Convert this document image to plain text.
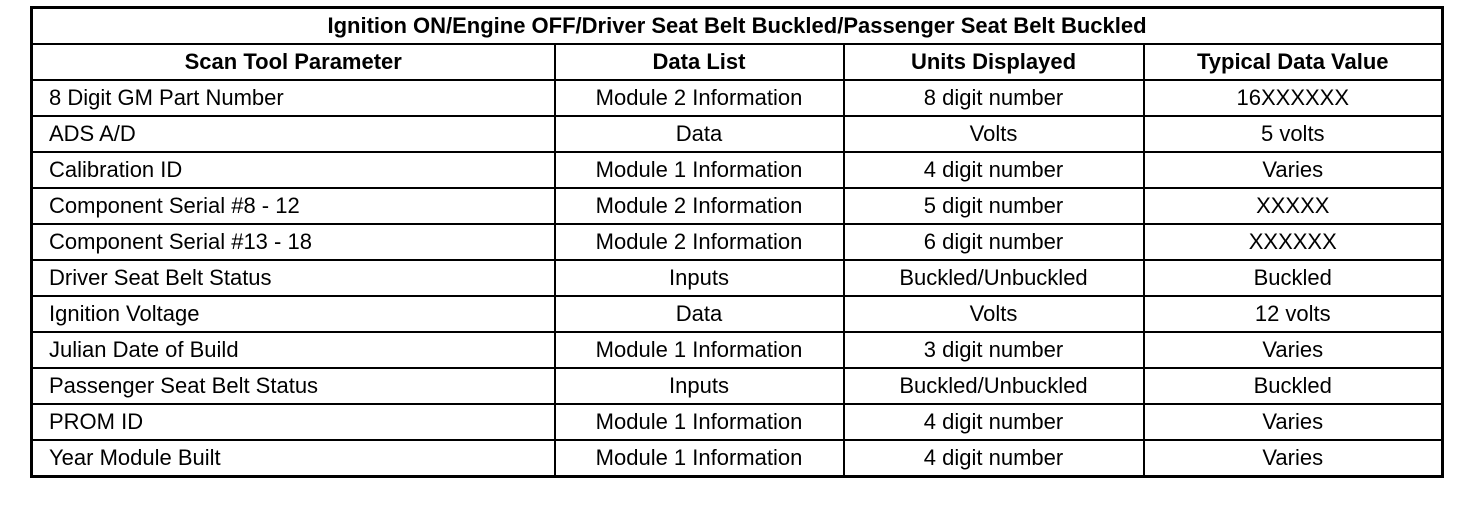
Ignition ON/Engine OFF/Driver Seat Belt Buckled/Passenger Seat Belt Buckled			
Scan Tool Parameter	Data List	Units Displayed	Typical Data Value
8 Digit GM Part Number	Module 2 Information	8 digit number	16XXXXXX
ADS A/D	Data	Volts	5 volts
Calibration ID	Module 1 Information	4 digit number	Varies
Component Serial #8 - 12	Module 2 Information	5 digit number	XXXXX
Component Serial #13 - 18	Module 2 Information	6 digit number	XXXXXX
Driver Seat Belt Status	Inputs	Buckled/Unbuckled	Buckled
Ignition Voltage	Data	Volts	12 volts
Julian Date of Build	Module 1 Information	3 digit number	Varies
Passenger Seat Belt Status	Inputs	Buckled/Unbuckled	Buckled
PROM ID	Module 1 Information	4 digit number	Varies
Year Module Built	Module 1 Information	4 digit number	Varies
